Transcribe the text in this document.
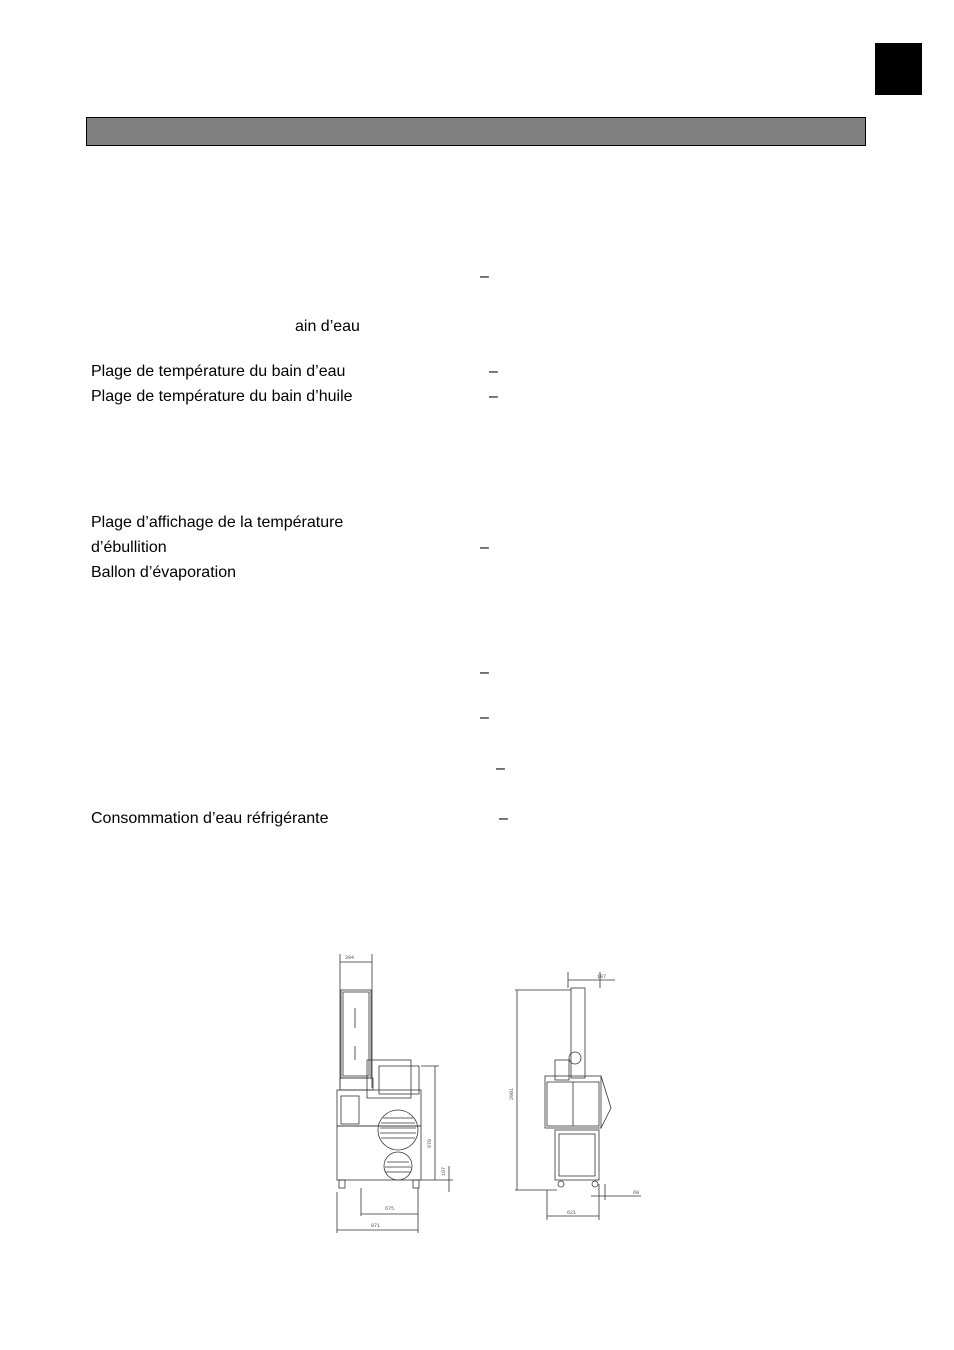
–
ain d’eau
Plage de température du bain d’eau	–
Plage de température du bain d’huile	–
Plage d’affichage de la température
d’ébullition	–
Ballon d’évaporation
–
–
–
Consommation d’eau réfrigérante	–
394
970
107
675
871
187
2001
69
621
